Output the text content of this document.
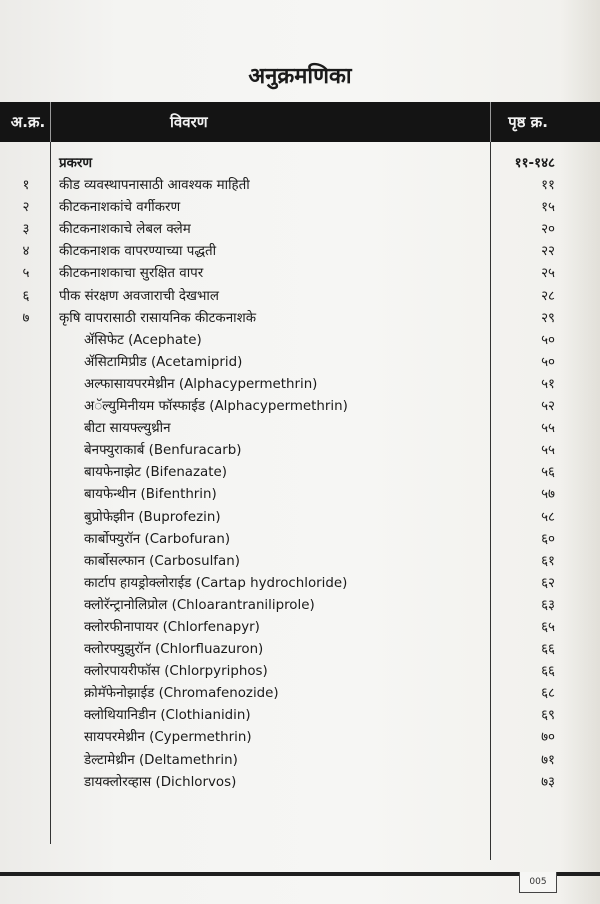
अनुक्रमणिका
अ.क्र.	विवरण	पृष्ठ क्र.
प्रकरण	११-१४८
१	कीड व्यवस्थापनासाठी आवश्यक माहिती	११
२	कीटकनाशकांचे वर्गीकरण	१५
३	कीटकनाशकाचे लेबल क्लेम	२०
४	कीटकनाशक वापरण्याच्या पद्धती	२२
५	कीटकनाशकाचा सुरक्षित वापर	२५
६	पीक संरक्षण अवजाराची देखभाल	२८
७	कृषि वापरासाठी रासायनिक कीटकनाशके	२९
ॲसिफेट (Acephate)	५०
ॲसिटामिप्रीड (Acetamiprid)	५०
अल्फासायपरमेथ्रीन (Alphacypermethrin)	५१
अॅल्युमिनीयम फॉस्फाईड (Alphacypermethrin)	५२
बीटा सायफ्ल्युथ्रीन	५५
बेनफ्युराकार्ब (Benfuracarb)	५५
बायफेनाझेट (Bifenazate)	५६
बायफेन्थीन (Bifenthrin)	५७
बुप्रोफेझीन (Buprofezin)	५८
कार्बोफ्युरॉन (Carbofuran)	६०
कार्बोसल्फान (Carbosulfan)	६१
कार्टाप हायड्रोक्लोराईड (Cartap hydrochloride)	६२
क्लोरॅन्ट्रानोलिप्रोल (Chloarantraniliprole)	६३
क्लोरफीनापायर (Chlorfenapyr)	६५
क्लोरफ्युझुरॉन (Chlorfluazuron)	६६
क्लोरपायरीफॉस (Chlorpyriphos)	६६
क्रोमॅफेनोझाईड (Chromafenozide)	६८
क्लोथियानिडीन (Clothianidin)	६९
सायपरमेथ्रीन (Cypermethrin)	७०
डेल्टामेथ्रीन (Deltamethrin)	७१
डायक्लोरव्हास (Dichlorvos)	७३
005
